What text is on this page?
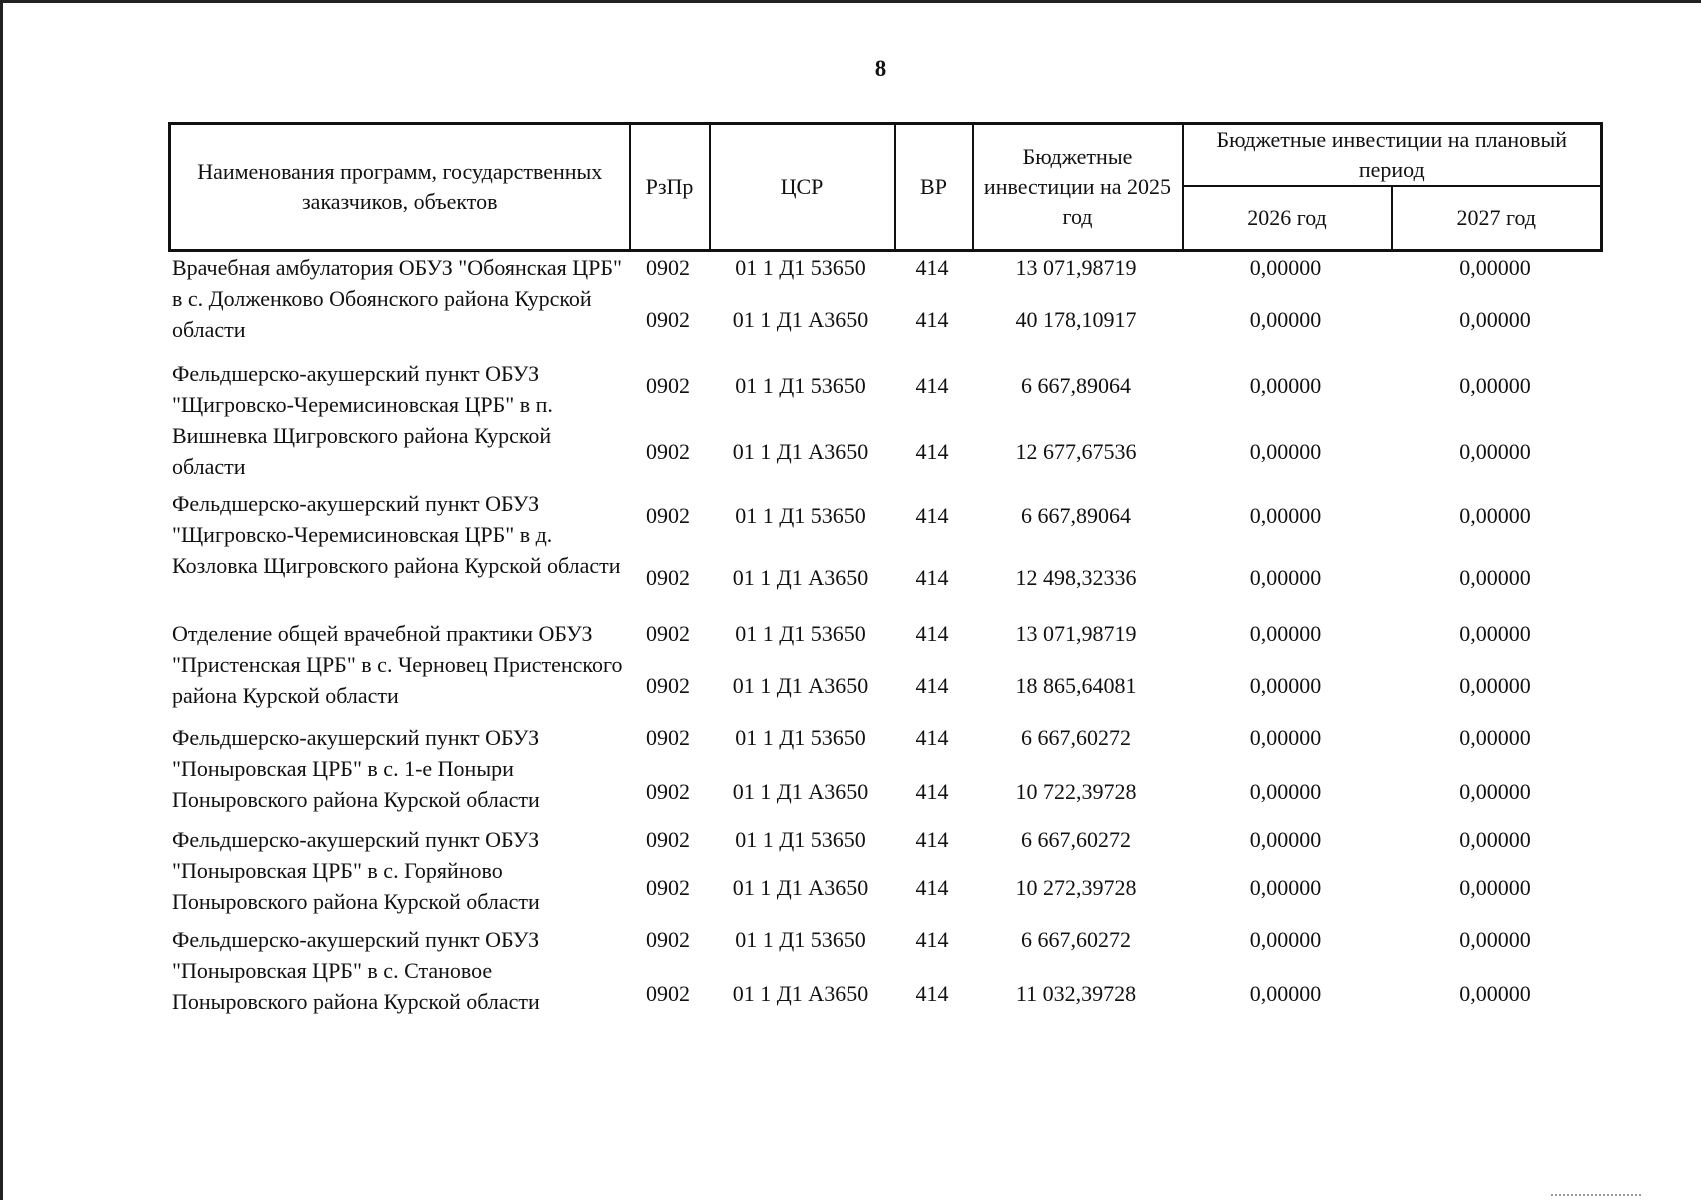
8
Наименования программ, государственных заказчиков, объектов	РзПр	ЦСР	ВР	Бюджетные инвестиции на 2025 год	Бюджетные инвестиции на плановый период	
					2026 год	2027 год
Врачебная амбулатория ОБУЗ "Обоянская ЦРБ" в с. Долженково Обоянского района Курской области
0902	01 1 Д1 53650	414	13 071,98719	0,00000	0,00000
0902	01 1 Д1 А3650	414	40 178,10917	0,00000	0,00000
Фельдшерско-акушерский пункт ОБУЗ "Щигровско-Черемисиновская ЦРБ" в п. Вишневка Щигровского района Курской области
0902	01 1 Д1 53650	414	6 667,89064	0,00000	0,00000
0902	01 1 Д1 А3650	414	12 677,67536	0,00000	0,00000
Фельдшерско-акушерский пункт ОБУЗ "Щигровско-Черемисиновская ЦРБ" в д. Козловка Щигровского района Курской области
0902	01 1 Д1 53650	414	6 667,89064	0,00000	0,00000
0902	01 1 Д1 А3650	414	12 498,32336	0,00000	0,00000
Отделение общей врачебной практики ОБУЗ "Пристенская ЦРБ" в с. Черновец Пристенского района Курской области
0902	01 1 Д1 53650	414	13 071,98719	0,00000	0,00000
0902	01 1 Д1 А3650	414	18 865,64081	0,00000	0,00000
Фельдшерско-акушерский пункт ОБУЗ "Поныровская ЦРБ" в с. 1-е Поныри Поныровского района Курской области
0902	01 1 Д1 53650	414	6 667,60272	0,00000	0,00000
0902	01 1 Д1 А3650	414	10 722,39728	0,00000	0,00000
Фельдшерско-акушерский пункт ОБУЗ "Поныровская ЦРБ" в с. Горяйново Поныровского района Курской области
0902	01 1 Д1 53650	414	6 667,60272	0,00000	0,00000
0902	01 1 Д1 А3650	414	10 272,39728	0,00000	0,00000
Фельдшерско-акушерский пункт ОБУЗ "Поныровская ЦРБ" в с. Становое Поныровского района Курской области
0902	01 1 Д1 53650	414	6 667,60272	0,00000	0,00000
0902	01 1 Д1 А3650	414	11 032,39728	0,00000	0,00000
